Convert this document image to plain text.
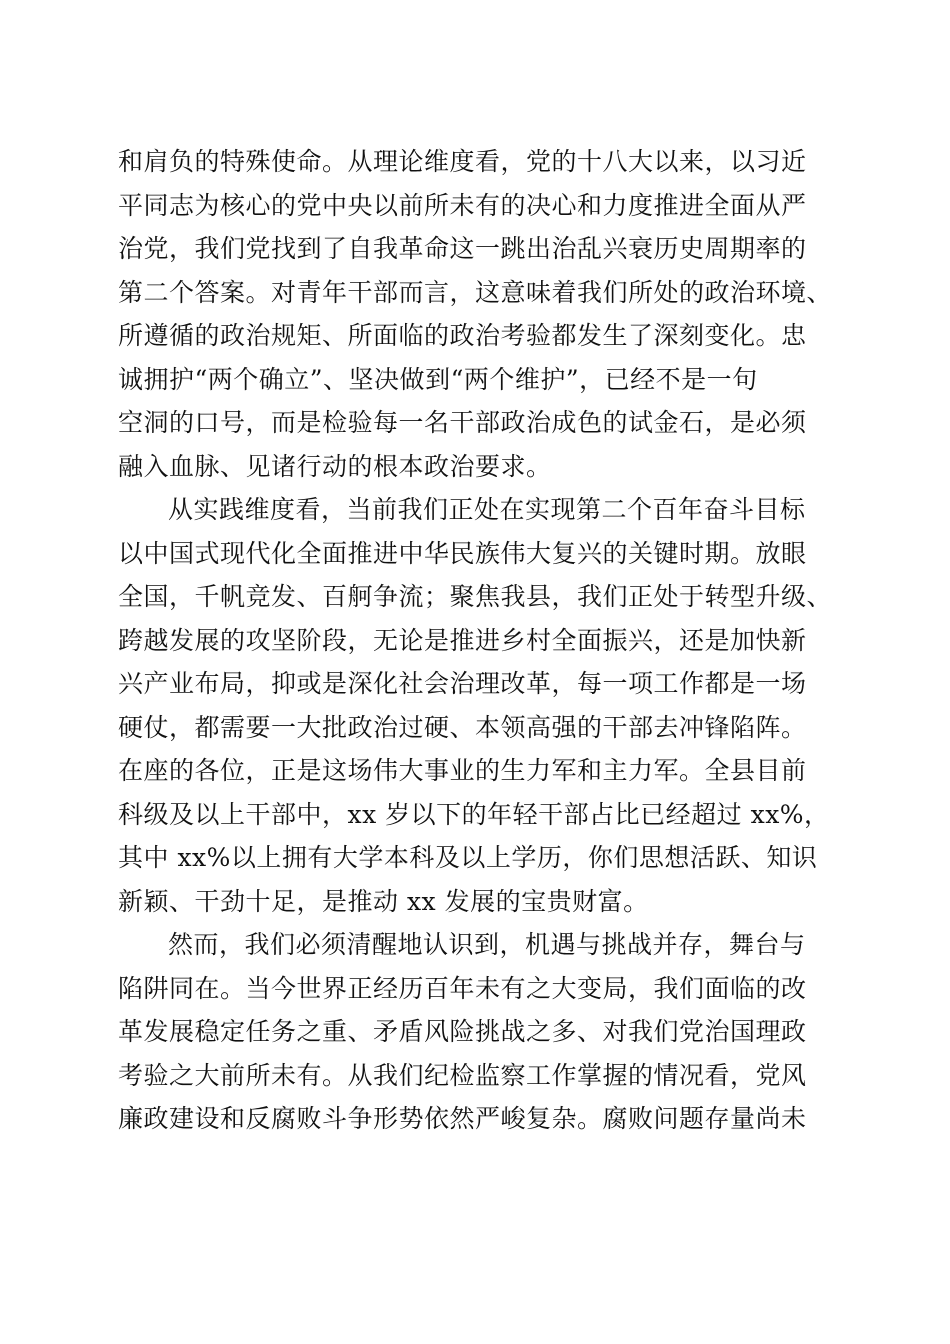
和肩负的特殊使命。从理论维度看，党的十八大以来，以习近
平同志为核心的党中央以前所未有的决心和力度推进全面从严
治党，我们党找到了自我革命这一跳出治乱兴衰历史周期率的
第二个答案。对青年干部而言，这意味着我们所处的政治环境、
所遵循的政治规矩、所面临的政治考验都发生了深刻变化。忠
诚拥护“两个确立”、坚决做到“两个维护”，已经不是一句
空洞的口号，而是检验每一名干部政治成色的试金石，是必须
融入血脉、见诸行动的根本政治要求。
从实践维度看，当前我们正处在实现第二个百年奋斗目标
以中国式现代化全面推进中华民族伟大复兴的关键时期。放眼
全国，千帆竞发、百舸争流；聚焦我县，我们正处于转型升级、
跨越发展的攻坚阶段，无论是推进乡村全面振兴，还是加快新
兴产业布局，抑或是深化社会治理改革，每一项工作都是一场
硬仗，都需要一大批政治过硬、本领高强的干部去冲锋陷阵。
在座的各位，正是这场伟大事业的生力军和主力军。全县目前
科级及以上干部中，xx 岁以下的年轻干部占比已经超过 xx%，
其中 xx%以上拥有大学本科及以上学历，你们思想活跃、知识
新颖、干劲十足，是推动 xx 发展的宝贵财富。
然而，我们必须清醒地认识到，机遇与挑战并存，舞台与
陷阱同在。当今世界正经历百年未有之大变局，我们面临的改
革发展稳定任务之重、矛盾风险挑战之多、对我们党治国理政
考验之大前所未有。从我们纪检监察工作掌握的情况看，党风
廉政建设和反腐败斗争形势依然严峻复杂。腐败问题存量尚未
